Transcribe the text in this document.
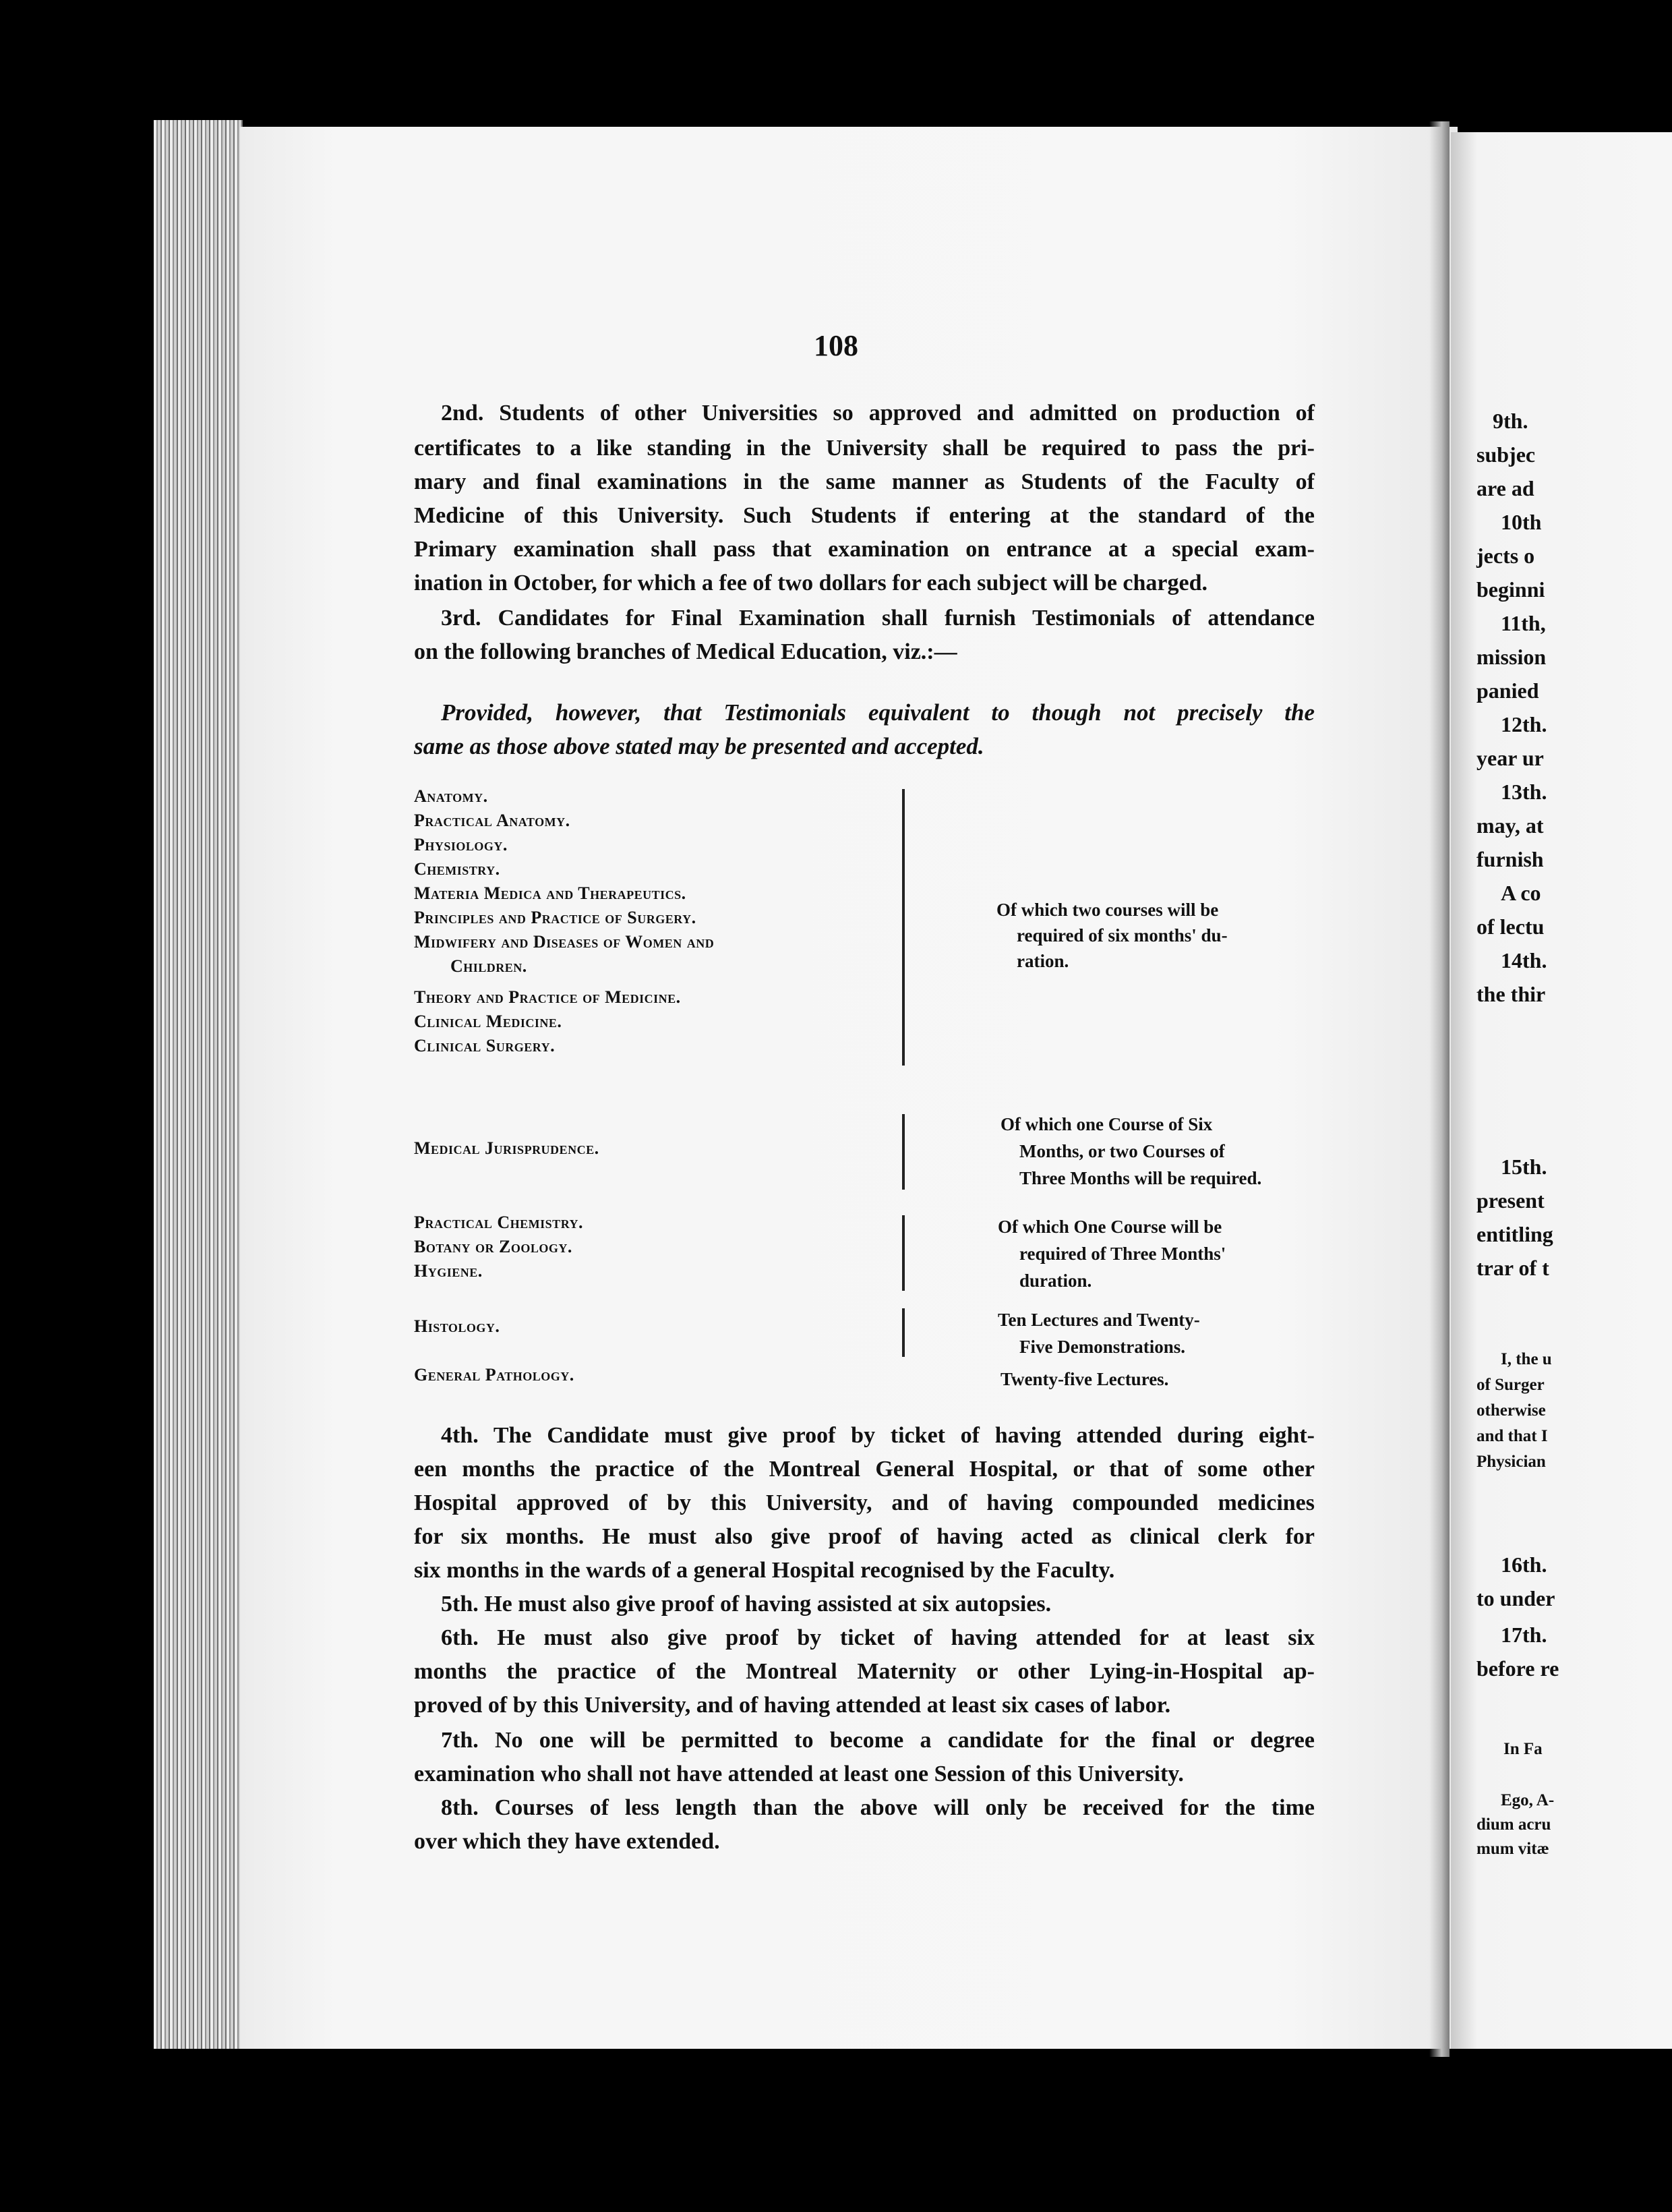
108
2nd. Students of other Universities so approved and admitted on production of
certificates to a like standing in the University shall be required to pass the pri-
mary and final examinations in the same manner as Students of the Faculty of
Medicine of this University. Such Students if entering at the standard of the
Primary examination shall pass that examination on entrance at a special exam-
ination in October, for which a fee of two dollars for each subject will be charged.
3rd. Candidates for Final Examination shall furnish Testimonials of attendance
on the following branches of Medical Education, viz.:—
Provided, however, that Testimonials equivalent to though not precisely the
same as those above stated may be presented and accepted.
Anatomy.
Practical Anatomy.
Physiology.
Chemistry.
Materia Medica and Therapeutics.
Principles and Practice of Surgery.
Midwifery and Diseases of Women and
Children.
Theory and Practice of Medicine.
Clinical Medicine.
Clinical Surgery.
Of which two courses will be
required of six months' du-
ration.
Medical Jurisprudence.
Of which one Course of Six
Months, or two Courses of
Three Months will be required.
Practical Chemistry.
Botany or Zoology.
Hygiene.
Of which One Course will be
required of Three Months'
duration.
Histology.	Ten Lectures and Twenty-
Five Demonstrations.
General Pathology.	Twenty-five Lectures.
4th. The Candidate must give proof by ticket of having attended during eight-
een months the practice of the Montreal General Hospital, or that of some other
Hospital approved of by this University, and of having compounded medicines
for six months. He must also give proof of having acted as clinical clerk for
six months in the wards of a general Hospital recognised by the Faculty.
5th. He must also give proof of having assisted at six autopsies.
6th. He must also give proof by ticket of having attended for at least six
months the practice of the Montreal Maternity or other Lying-in-Hospital ap-
proved of by this University, and of having attended at least six cases of labor.
7th. No one will be permitted to become a candidate for the final or degree
examination who shall not have attended at least one Session of this University.
8th. Courses of less length than the above will only be received for the time
over which they have extended.
9th.
subjec
are ad
10th
jects o
beginni
11th,
mission
panied
12th.
year ur
13th.
may, at
furnish
A co
of lectu
14th.
the thir
15th.
present
entitling
trar of t
I, the u
of Surger
otherwise
and that I
Physician
16th.
to under
17th.
before re
In Fa
Ego, A-
dium acru
mum vitæ
